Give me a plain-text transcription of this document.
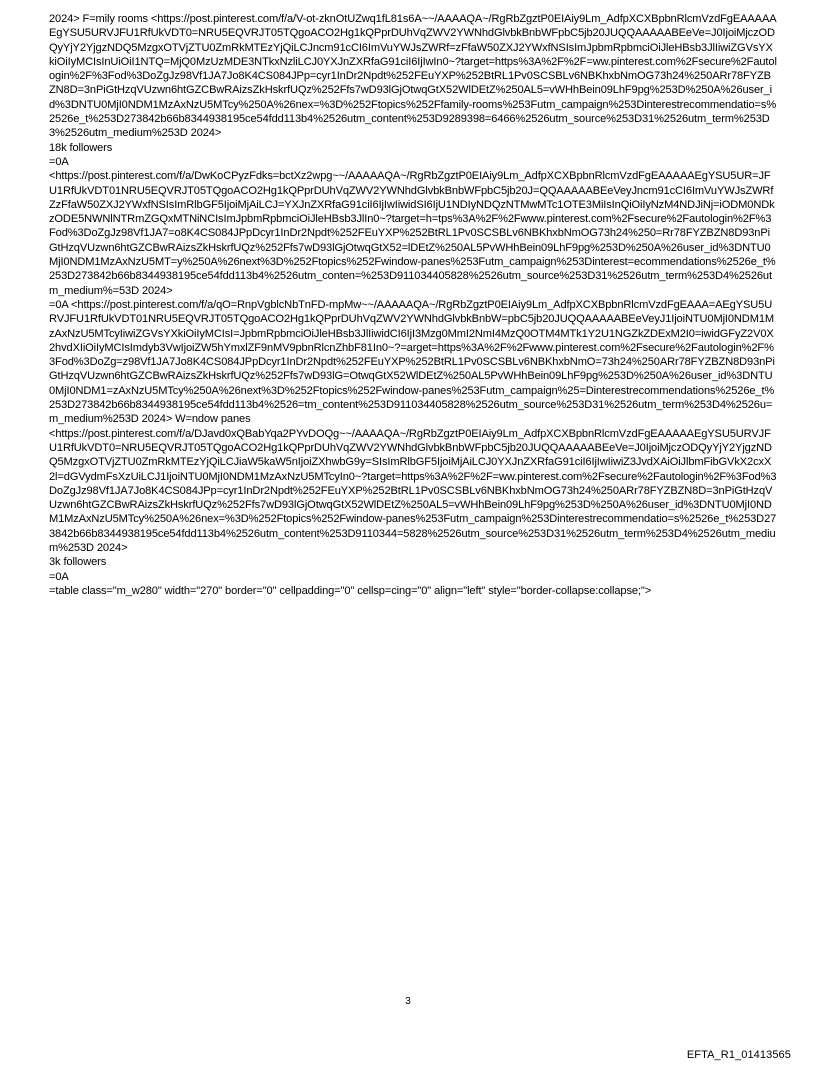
2024> F=mily rooms <https://post.pinterest.com/f/a/V-ot-zknOtUZwq1fL81s6A~~/AAAAQA~/RgRbZgztP0EIAiy9Lm_AdfpXCXBpbnRlcmVzdFgEAAAAAEgYSU5URVJFU1RfUkVDT0=NRU5EQVRJT05TQgoACO2Hg1kQPprDUhVqZWV2YWNhdGlvbkBnbWFpbC5jb20JUQQAAAAABEeVe=J0IjoiMjczODQyYjY2YjgzNDQ5MzgxOTVjZTU0ZmRkMTEzYjQiLCJncm91cCI6ImVuYWJsZWRf=zFfaW50ZXJ2YWxfNSIsImJpbmRpbmciOiJleHBsb3JlIiwiZGVsYXkiOiIyMCIsInUiOiI1NTQ=MjQ0MzUzMDE3NTkxNzliLCJ0YXJnZXRfaG91ciI6IjIwIn0~?target=https%3A%2F%2F=ww.pinterest.com%2Fsecure%2Fautologin%2F%3Fod%3DoZgJz98Vf1JA7Jo8K4CS084JPp=cyr1InDr2Npdt%252FEuYXP%252BtRL1Pv0SCSBLv6NBKhxbNmOG73h24%250ARr78FYZBZN8D=3nPiGtHzqVUzwn6htGZCBwRAizsZkHskrfUQz%252Ffs7wD93lGjOtwqGtX52WlDEtZ%250AL5=vWHhBein09LhF9pg%253D%250A%26user_id%3DNTU0MjI0NDM1MzAxNzU5MTcy%250A%26nex=%3D%252Ftopics%252Ffamily-rooms%253Futm_campaign%253Dinterestrecommendatio=s%2526e_t%253D273842b66b8344938195ce54fdd113b4%2526utm_content%253D9289398=6466%2526utm_source%253D31%2526utm_term%253D3%2526utm_medium%253D 2024>

18k followers

=0A

<https://post.pinterest.com/f/a/DwKoCPyzFdks=bctXz2wpg~~/AAAAAQA~/RgRbZgztP0EIAiy9Lm_AdfpXCXBpbnRlcmVzdFgEAAAAAEgYSU5UR=JFU1RfUkVDT01NRU5EQVRJT05TQgoACO2Hg1kQPprDUhVqZWV2YWNhdGlvbkBnbWFpbC5jb20J=QQAAAAABEeVeyJncm91cCI6ImVuYWJsZWRfZzFfaW50ZXJ2YWxfNSIsImRlbGF5IjoiMjAiLCJ=YXJnZXRfaG91ciI6IjIwIiwidSI6IjU1NDIyNDQzNTMwMTc1OTE3MiIsInQiOiIyNzM4NDJiNj=iODM0NDkzODE5NWNlNTRmZGQxMTNiNCIsImJpbmRpbmciOiJleHBsb3JlIn0~?target=h=tps%3A%2F%2Fwww.pinterest.com%2Fsecure%2Fautologin%2F%3Fod%3DoZgJz98Vf1JA7=o8K4CS084JPpDcyr1InDr2Npdt%252FEuYXP%252BtRL1Pv0SCSBLv6NBKhxbNmOG73h24%250=Rr78FYZBZN8D93nPiGtHzqVUzwn6htGZCBwRAizsZkHskrfUQz%252Ffs7wD93lGjOtwqGtX52=lDEtZ%250AL5PvWHhBein09LhF9pg%253D%250A%26user_id%3DNTU0MjI0NDM1MzAxNzU5MT=y%250A%26next%3D%252Ftopics%252Fwindow-panes%253Futm_campaign%253Dinterest=ecommendations%2526e_t%253D273842b66b8344938195ce54fdd113b4%2526utm_conten=%253D911034405828%2526utm_source%253D31%2526utm_term%253D4%2526utm_medium%=53D 2024>

=0A <https://post.pinterest.com/f/a/qO=RnpVgblcNbTnFD-mpMw~~/AAAAAQA~/RgRbZgztP0EIAiy9Lm_AdfpXCXBpbnRlcmVzdFgEAAA=AEgYSU5URVJFU1RfUkVDT01NRU5EQVRJT05TQgoACO2Hg1kQPprDUhVqZWV2YWNhdGlvbkBnbW=pbC5jb20JUQQAAAAABEeVeyJ1IjoiNTU0MjI0NDM1MzAxNzU5MTcyIiwiZGVsYXkiOiIyMCIsI=JpbmRpbmciOiJleHBsb3JlIiwidCI6IjI3Mzg0MmI2NmI4MzQ0OTM4MTk1Y2U1NGZkZDExM2I0=iwidGFyZ2V0X2hvdXIiOiIyMCIsImdyb3VwIjoiZW5hYmxlZF9nMV9pbnRlcnZhbF81In0~?=arget=https%3A%2F%2Fwww.pinterest.com%2Fsecure%2Fautologin%2F%3Fod%3DoZg=z98Vf1JA7Jo8K4CS084JPpDcyr1InDr2Npdt%252FEuYXP%252BtRL1Pv0SCSBLv6NBKhxbNmO=73h24%250ARr78FYZBZN8D93nPiGtHzqVUzwn6htGZCBwRAizsZkHskrfUQz%252Ffs7wD93lG=OtwqGtX52WlDEtZ%250AL5PvWHhBein09LhF9pg%253D%250A%26user_id%3DNTU0MjI0NDM1=zAxNzU5MTcy%250A%26next%3D%252Ftopics%252Fwindow-panes%253Futm_campaign%25=Dinterestrecommendations%2526e_t%253D273842b66b8344938195ce54fdd113b4%2526=tm_content%253D911034405828%2526utm_source%253D31%2526utm_term%253D4%2526u=m_medium%253D 2024> W=ndow panes

<https://post.pinterest.com/f/a/DJavd0xQBabYqa2PYvDOQg~~/AAAAQA~/RgRbZgztP0EIAiy9Lm_AdfpXCXBpbnRlcmVzdFgEAAAAAEgYSU5URVJFU1RfUkVDT0=NRU5EQVRJT05TQgoACO2Hg1kQPprDUhVqZWV2YWNhdGlvbkBnbWFpbC5jb20JUQQAAAAABEeVe=J0IjoiMjczODQyYjY2YjgzNDQ5MzgxOTVjZTU0ZmRkMTEzYjQiLCJiaW5kaW5nIjoiZXhwbG9y=SIsImRlbGF5IjoiMjAiLCJ0YXJnZXRfaG91ciI6IjIwIiwiZ3JvdXAiOiJlbmFibGVkX2cxX2l=dGVydmFsXzUiLCJ1IjoiNTU0MjI0NDM1MzAxNzU5MTcyIn0~?target=https%3A%2F%2F=ww.pinterest.com%2Fsecure%2Fautologin%2F%3Fod%3DoZgJz98Vf1JA7Jo8K4CS084JPp=cyr1InDr2Npdt%252FEuYXP%252BtRL1Pv0SCSBLv6NBKhxbNmOG73h24%250ARr78FYZBZN8D=3nPiGtHzqVUzwn6htGZCBwRAizsZkHskrfUQz%252Ffs7wD93lGjOtwqGtX52WlDEtZ%250AL5=vWHhBein09LhF9pg%253D%250A%26user_id%3DNTU0MjI0NDM1MzAxNzU5MTcy%250A%26nex=%3D%252Ftopics%252Fwindow-panes%253Futm_campaign%253Dinterestrecommendatio=s%2526e_t%253D273842b66b8344938195ce54fdd113b4%2526utm_content%253D9110344=5828%2526utm_source%253D31%2526utm_term%253D4%2526utm_medium%253D 2024>

3k followers

=0A

=table class="m_w280" width="270" border="0" cellpadding="0" cellsp=cing="0" align="left" style="border-collapse:collapse;">

3
EFTA_R1_01413565
